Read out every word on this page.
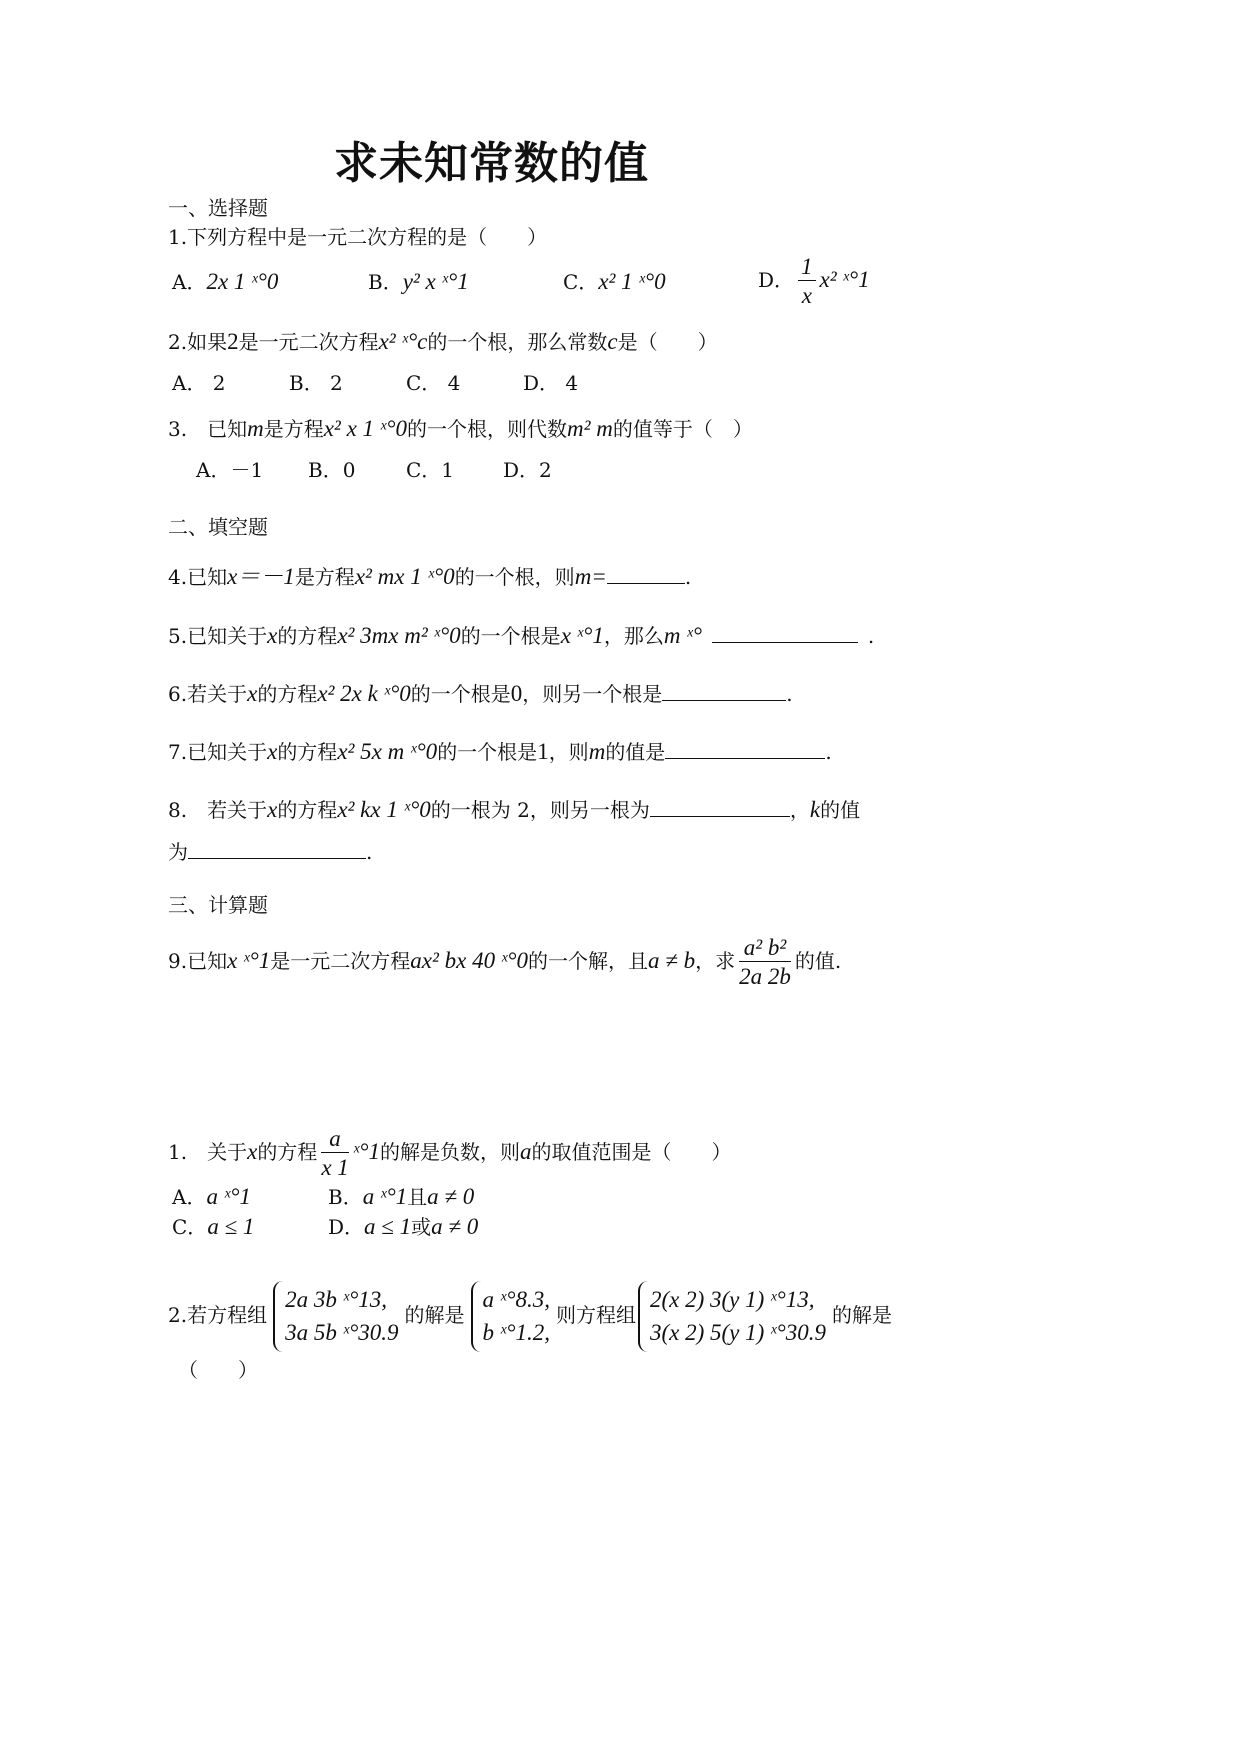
求未知常数的值
一、选择题
1.下列方程中是一元二次方程的是（　　）
A．2x 1 ˣ°0	B．y² x ˣ°1	C．x² 1 ˣ°0	D． $\frac{1}{x} x^2$ ˣ°1
2.如果2是一元二次方程x² ˣ°c的一个根，那么常数c是（　　）
A． 2	B． 2	C． 4	D． 4
3.　已知m是方程x² x 1 ˣ°0的一个根，则代数m² m的值等于（　）
A．－1 B．0	C．1 D．2
二、填空题
4.已知x＝－1是方程x² mx 1 ˣ°0的一个根，则m=	.
5.已知关于x的方程x² 3mx m² ˣ°0的一个根是x ˣ°1，那么m ˣ°	.
6.若关于x的方程x² 2x k ˣ°0的一个根是0，则另一个根是	.
7.已知关于x的方程x² 5x m ˣ°0的一个根是1，则m的值是	.
8.　若关于x的方程x² kx 1 ˣ°0的一根为 2，则另一根为	，k的值
为	.
三、计算题
9.已知x ˣ°1是一元二次方程ax² bx 40 ˣ°0的一个解，且a ≠ b，求 $\frac{\text{a² b²}}{2a 2b}$ 的值.
1.　关于x的方程 $\frac{a}{x 1}$ ˣ°1的解是负数，则a的取值范围是（　　）
A．a ˣ°1	B．a ˣ°1且a ≠ 0
C．a ≤ 1	D．a ≤ 1或a ≠ 0
2.若方程组
2a 3b ˣ°13,
3a 5b ˣ°30.9
的解是
a ˣ°8.3,
b ˣ°1.2,
则方程组
2(x 2) 3(y 1) ˣ°13,
3(x 2) 5(y 1) ˣ°30.9
的解是
（　　）
